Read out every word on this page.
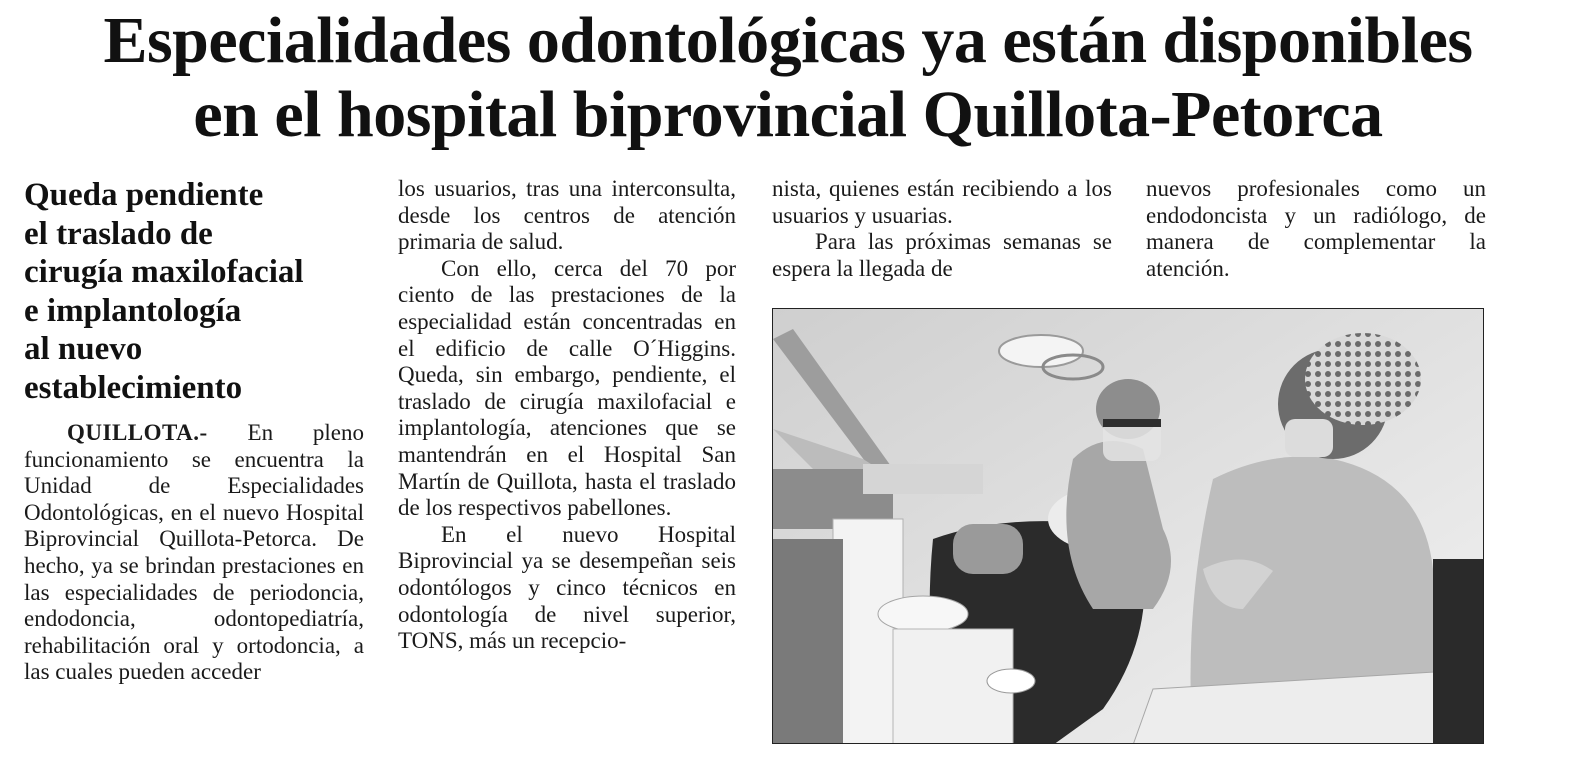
Especialidades odontológicas ya están disponibles
en el hospital biprovincial Quillota-Petorca
Queda pendiente
el traslado de
cirugía maxilofacial
e implantología
al nuevo
establecimiento

QUILLOTA.- En pleno funcionamiento se encuentra la Unidad de Especialidades Odontológicas, en el nuevo Hospital Biprovincial Quillota-Petorca. De hecho, ya se brindan prestaciones en las especialidades de periodoncia, endodoncia, odontopediatría, rehabilitación oral y ortodoncia, a las cuales pueden acceder

los usuarios, tras una interconsulta, desde los centros de atención primaria de salud.

Con ello, cerca del 70 por ciento de las prestaciones de la especialidad están concentradas en el edificio de calle O´Higgins. Queda, sin embargo, pendiente, el traslado de cirugía maxilofacial e implantología, atenciones que se mantendrán en el Hospital San Martín de Quillota, hasta el traslado de los respectivos pabellones.

En el nuevo Hospital Biprovincial ya se desempeñan seis odontólogos y cinco técnicos en odontología de nivel superior, TONS, más un recepcio-

nista, quienes están recibiendo a los usuarios y usuarias.

Para las próximas semanas se espera la llegada de

nuevos profesionales como un endodoncista y un radiólogo, de manera de complementar la atención.
